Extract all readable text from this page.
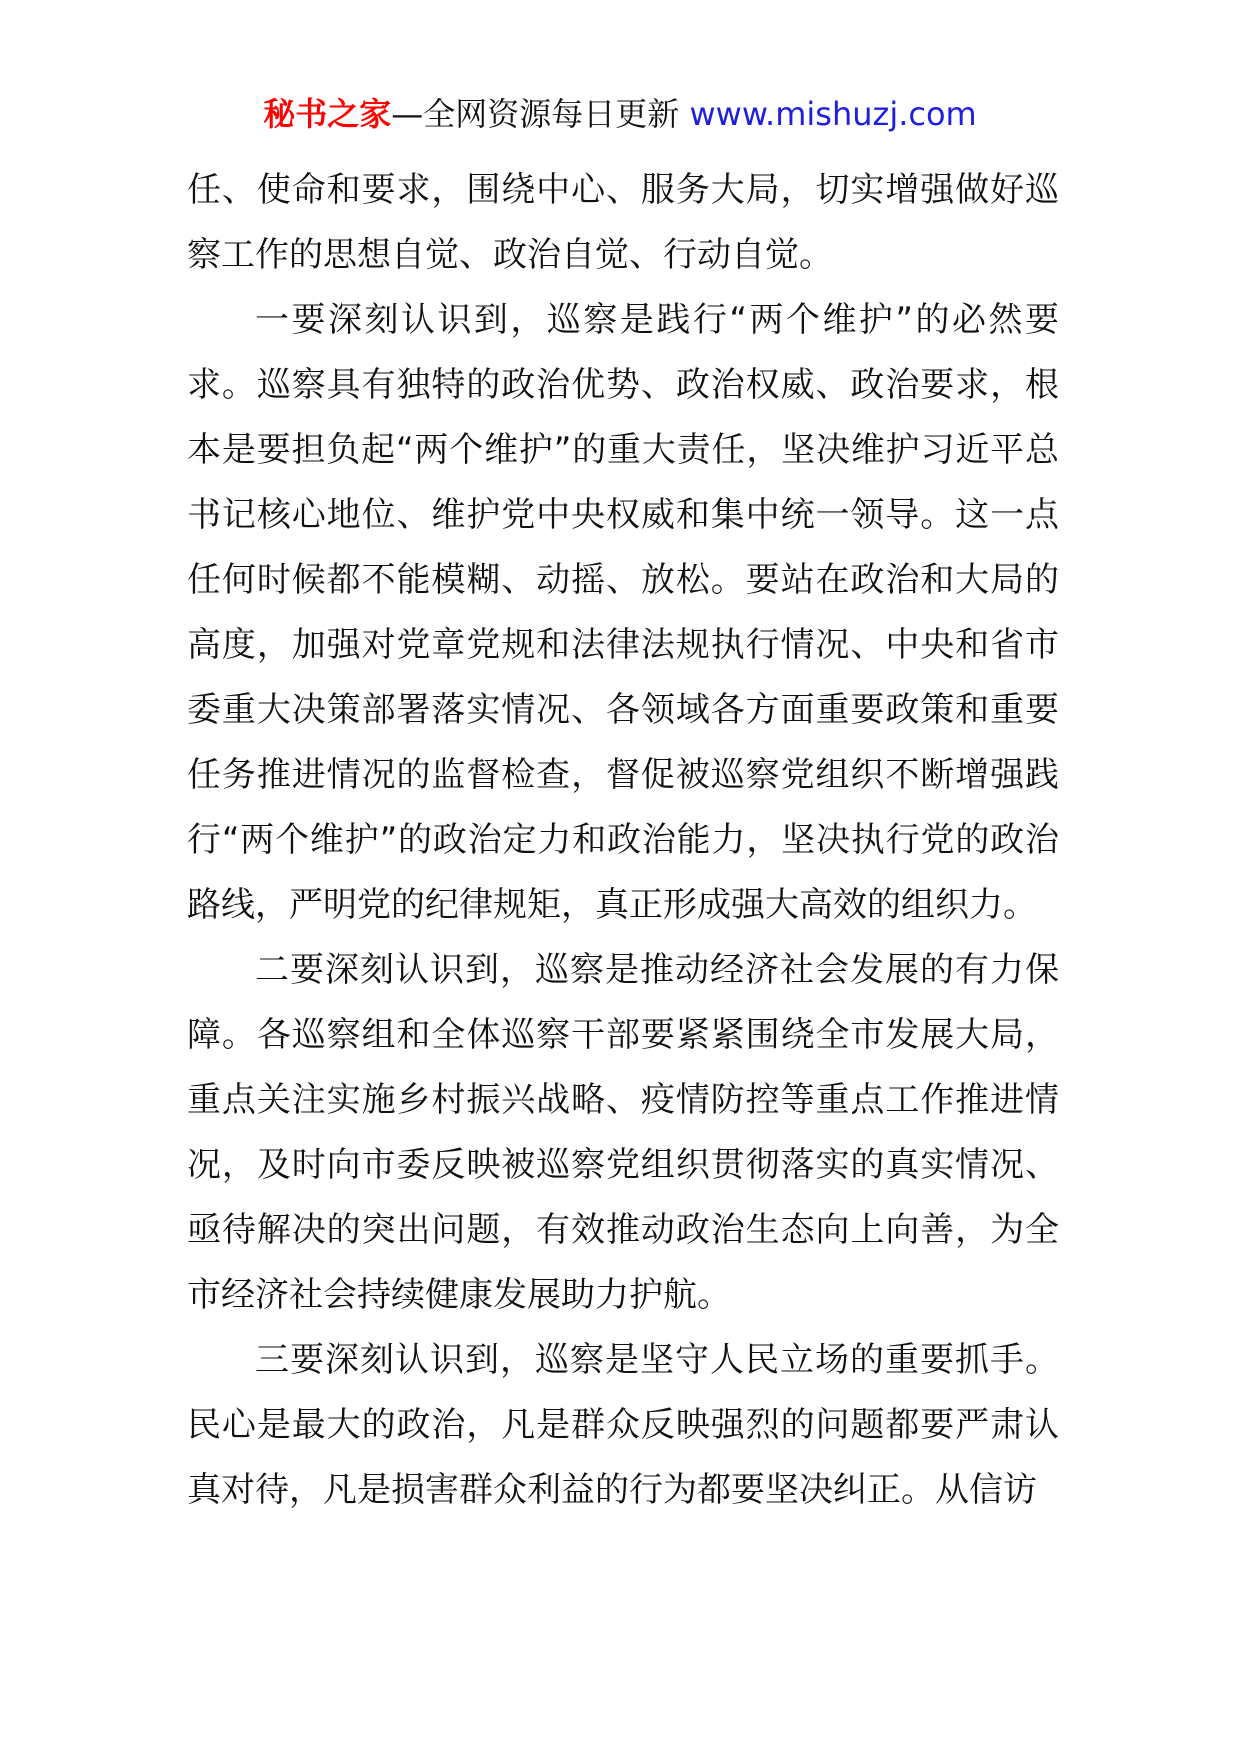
秘书之家—全网资源每日更新 www.mishuzj.com

任、使命和要求，围绕中心、服务大局，切实增强做好巡察工作的思想自觉、政治自觉、行动自觉。

一要深刻认识到，巡察是践行“两个维护”的必然要求。巡察具有独特的政治优势、政治权威、政治要求，根本是要担负起“两个维护”的重大责任，坚决维护习近平总书记核心地位、维护党中央权威和集中统一领导。这一点任何时候都不能模糊、动摇、放松。要站在政治和大局的高度，加强对党章党规和法律法规执行情况、中央和省市委重大决策部署落实情况、各领域各方面重要政策和重要任务推进情况的监督检查，督促被巡察党组织不断增强践行“两个维护”的政治定力和政治能力，坚决执行党的政治路线，严明党的纪律规矩，真正形成强大高效的组织力。

二要深刻认识到，巡察是推动经济社会发展的有力保障。各巡察组和全体巡察干部要紧紧围绕全市发展大局，重点关注实施乡村振兴战略、疫情防控等重点工作推进情况，及时向市委反映被巡察党组织贯彻落实的真实情况、亟待解决的突出问题，有效推动政治生态向上向善，为全市经济社会持续健康发展助力护航。

三要深刻认识到，巡察是坚守人民立场的重要抓手。民心是最大的政治，凡是群众反映强烈的问题都要严肃认真对待，凡是损害群众利益的行为都要坚决纠正。从信访
